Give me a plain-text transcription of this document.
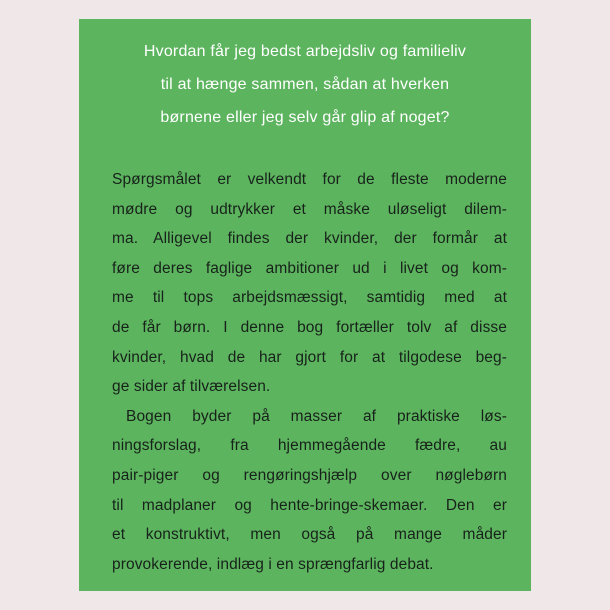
Hvordan får jeg bedst arbejdsliv og familieliv
til at hænge sammen, sådan at hverken
børnene eller jeg selv går glip af noget?
Spørgsmålet er velkendt for de fleste moderne
mødre og udtrykker et måske uløseligt dilem-
ma. Alligevel findes der kvinder, der formår at
føre deres faglige ambitioner ud i livet og kom-
me til tops arbejdsmæssigt, samtidig med at
de får børn. I denne bog fortæller tolv af disse
kvinder, hvad de har gjort for at tilgodese beg-
ge sider af tilværelsen.
Bogen byder på masser af praktiske løs-
ningsforslag, fra hjemmegående fædre, au
pair-piger og rengøringshjælp over nøglebørn
til madplaner og hente-bringe-skemaer. Den er
et konstruktivt, men også på mange måder
provokerende, indlæg i en sprængfarlig debat.
